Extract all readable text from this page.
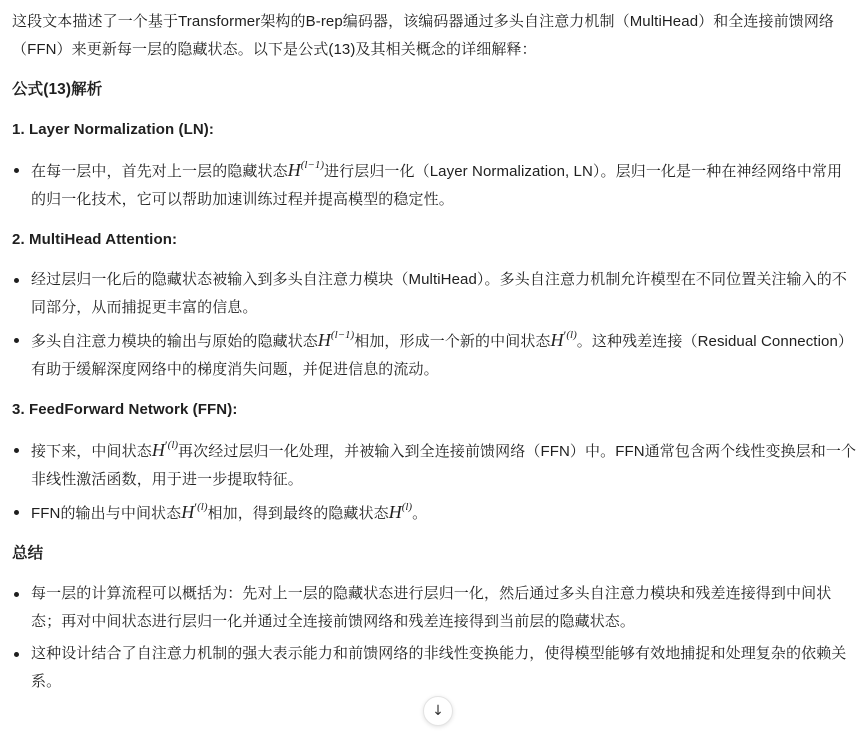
这段文本描述了一个基于Transformer架构的B-rep编码器，该编码器通过多头自注意力机制（MultiHead）和全连接前馈网络（FFN）来更新每一层的隐藏状态。以下是公式(13)及其相关概念的详细解释：

公式(13)解析

1. Layer Normalization (LN):

在每一层中，首先对上一层的隐藏状态$H^{(l-1)}$进行层归一化（Layer Normalization, LN）。层归一化是一种在神经网络中常用的归一化技术，它可以帮助加速训练过程并提高模型的稳定性。

2. MultiHead Attention:

经过层归一化后的隐藏状态被输入到多头自注意力模块（MultiHead）。多头自注意力机制允许模型在不同位置关注输入的不同部分，从而捕捉更丰富的信息。
多头自注意力模块的输出与原始的隐藏状态$H^{(l-1)}$相加，形成一个新的中间状态$H^{'(l)}$。这种残差连接（Residual Connection）有助于缓解深度网络中的梯度消失问题，并促进信息的流动。

3. FeedForward Network (FFN):

接下来，中间状态$H^{'(l)}$再次经过层归一化处理，并被输入到全连接前馈网络（FFN）中。FFN通常包含两个线性变换层和一个非线性激活函数，用于进一步提取特征。
FFN的输出与中间状态$H^{'(l)}$相加，得到最终的隐藏状态$H^{(l)}$。

总结

每一层的计算流程可以概括为：先对上一层的隐藏状态进行层归一化，然后通过多头自注意力模块和残差连接得到中间状态；再对中间状态进行层归一化并通过全连接前馈网络和残差连接得到当前层的隐藏状态。
这种设计结合了自注意力机制的强大表示能力和前馈网络的非线性变换能力，使得模型能够有效地捕捉和处理复杂的依赖关系。
↓
